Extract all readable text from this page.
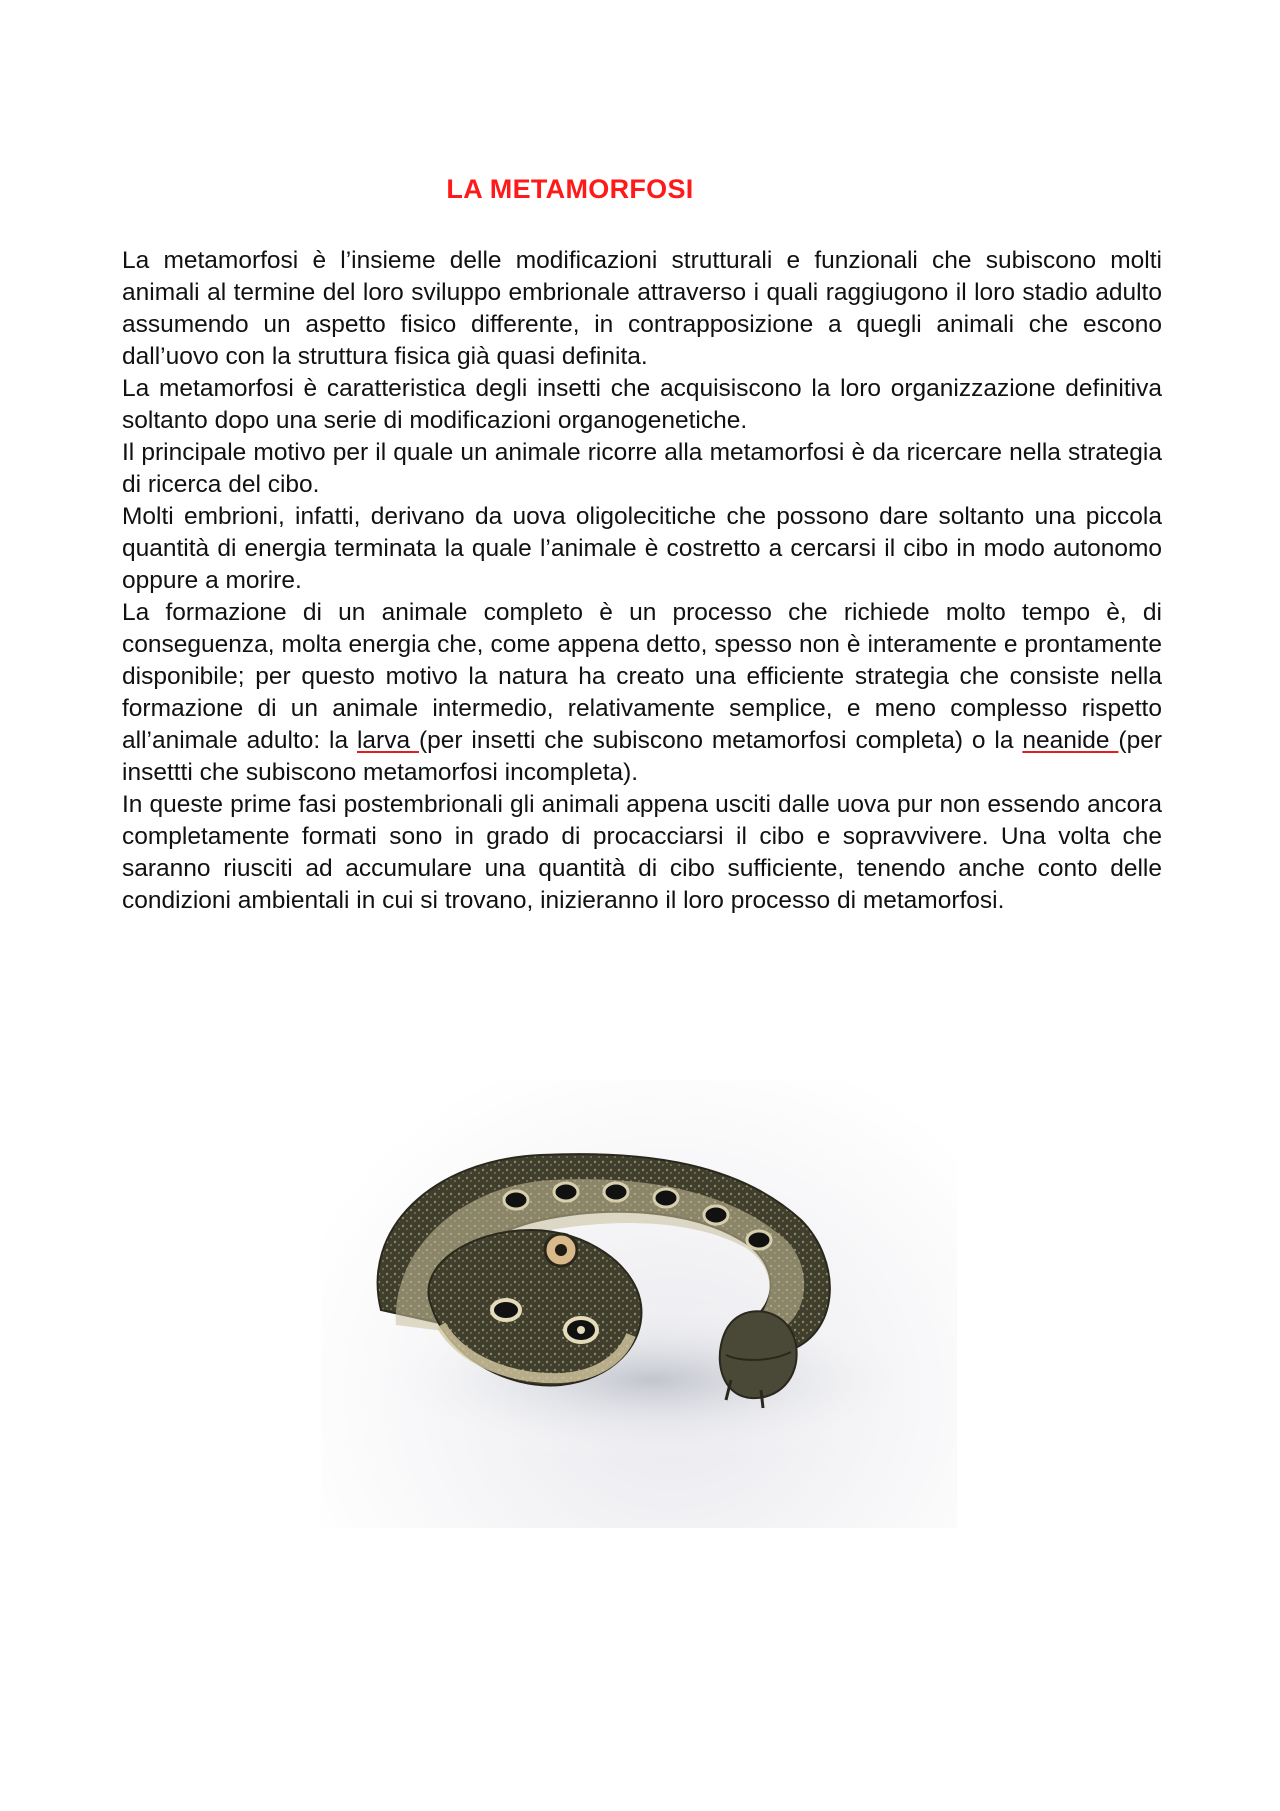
LA METAMORFOSI

La metamorfosi è l’insieme delle modificazioni strutturali e funzionali che subiscono molti animali al termine del loro sviluppo embrionale attraverso i quali raggiugono il loro stadio adulto assumendo un aspetto fisico differente, in contrapposizione a quegli animali che escono dall’uovo con la struttura fisica già quasi definita.

La metamorfosi è caratteristica degli insetti che acquisiscono la loro organizzazione definitiva soltanto dopo una serie di modificazioni organogenetiche.

Il principale motivo per il quale un animale ricorre alla metamorfosi è da ricercare nella strategia di ricerca del cibo.

Molti embrioni, infatti, derivano da uova oligolecitiche che possono dare soltanto una piccola quantità di energia terminata la quale l’animale è costretto a cercarsi il cibo in modo autonomo oppure a morire.

La formazione di un animale completo è un processo che richiede molto tempo è, di conseguenza, molta energia che, come appena detto, spesso non è interamente e prontamente disponibile; per questo motivo la natura ha creato una efficiente strategia che consiste nella formazione di un animale intermedio, relativamente semplice, e meno complesso rispetto all’animale adulto: la larva (per insetti che subiscono metamorfosi completa) o la neanide (per insettti che subiscono metamorfosi incompleta).

In queste prime fasi postembrionali gli animali appena usciti dalle uova pur non essendo ancora completamente formati sono in grado di procacciarsi il cibo e sopravvivere. Una volta che saranno riusciti ad accumulare una quantità di cibo sufficiente, tenendo anche conto delle condizioni ambientali in cui si trovano, inizieranno il loro processo di metamorfosi.
